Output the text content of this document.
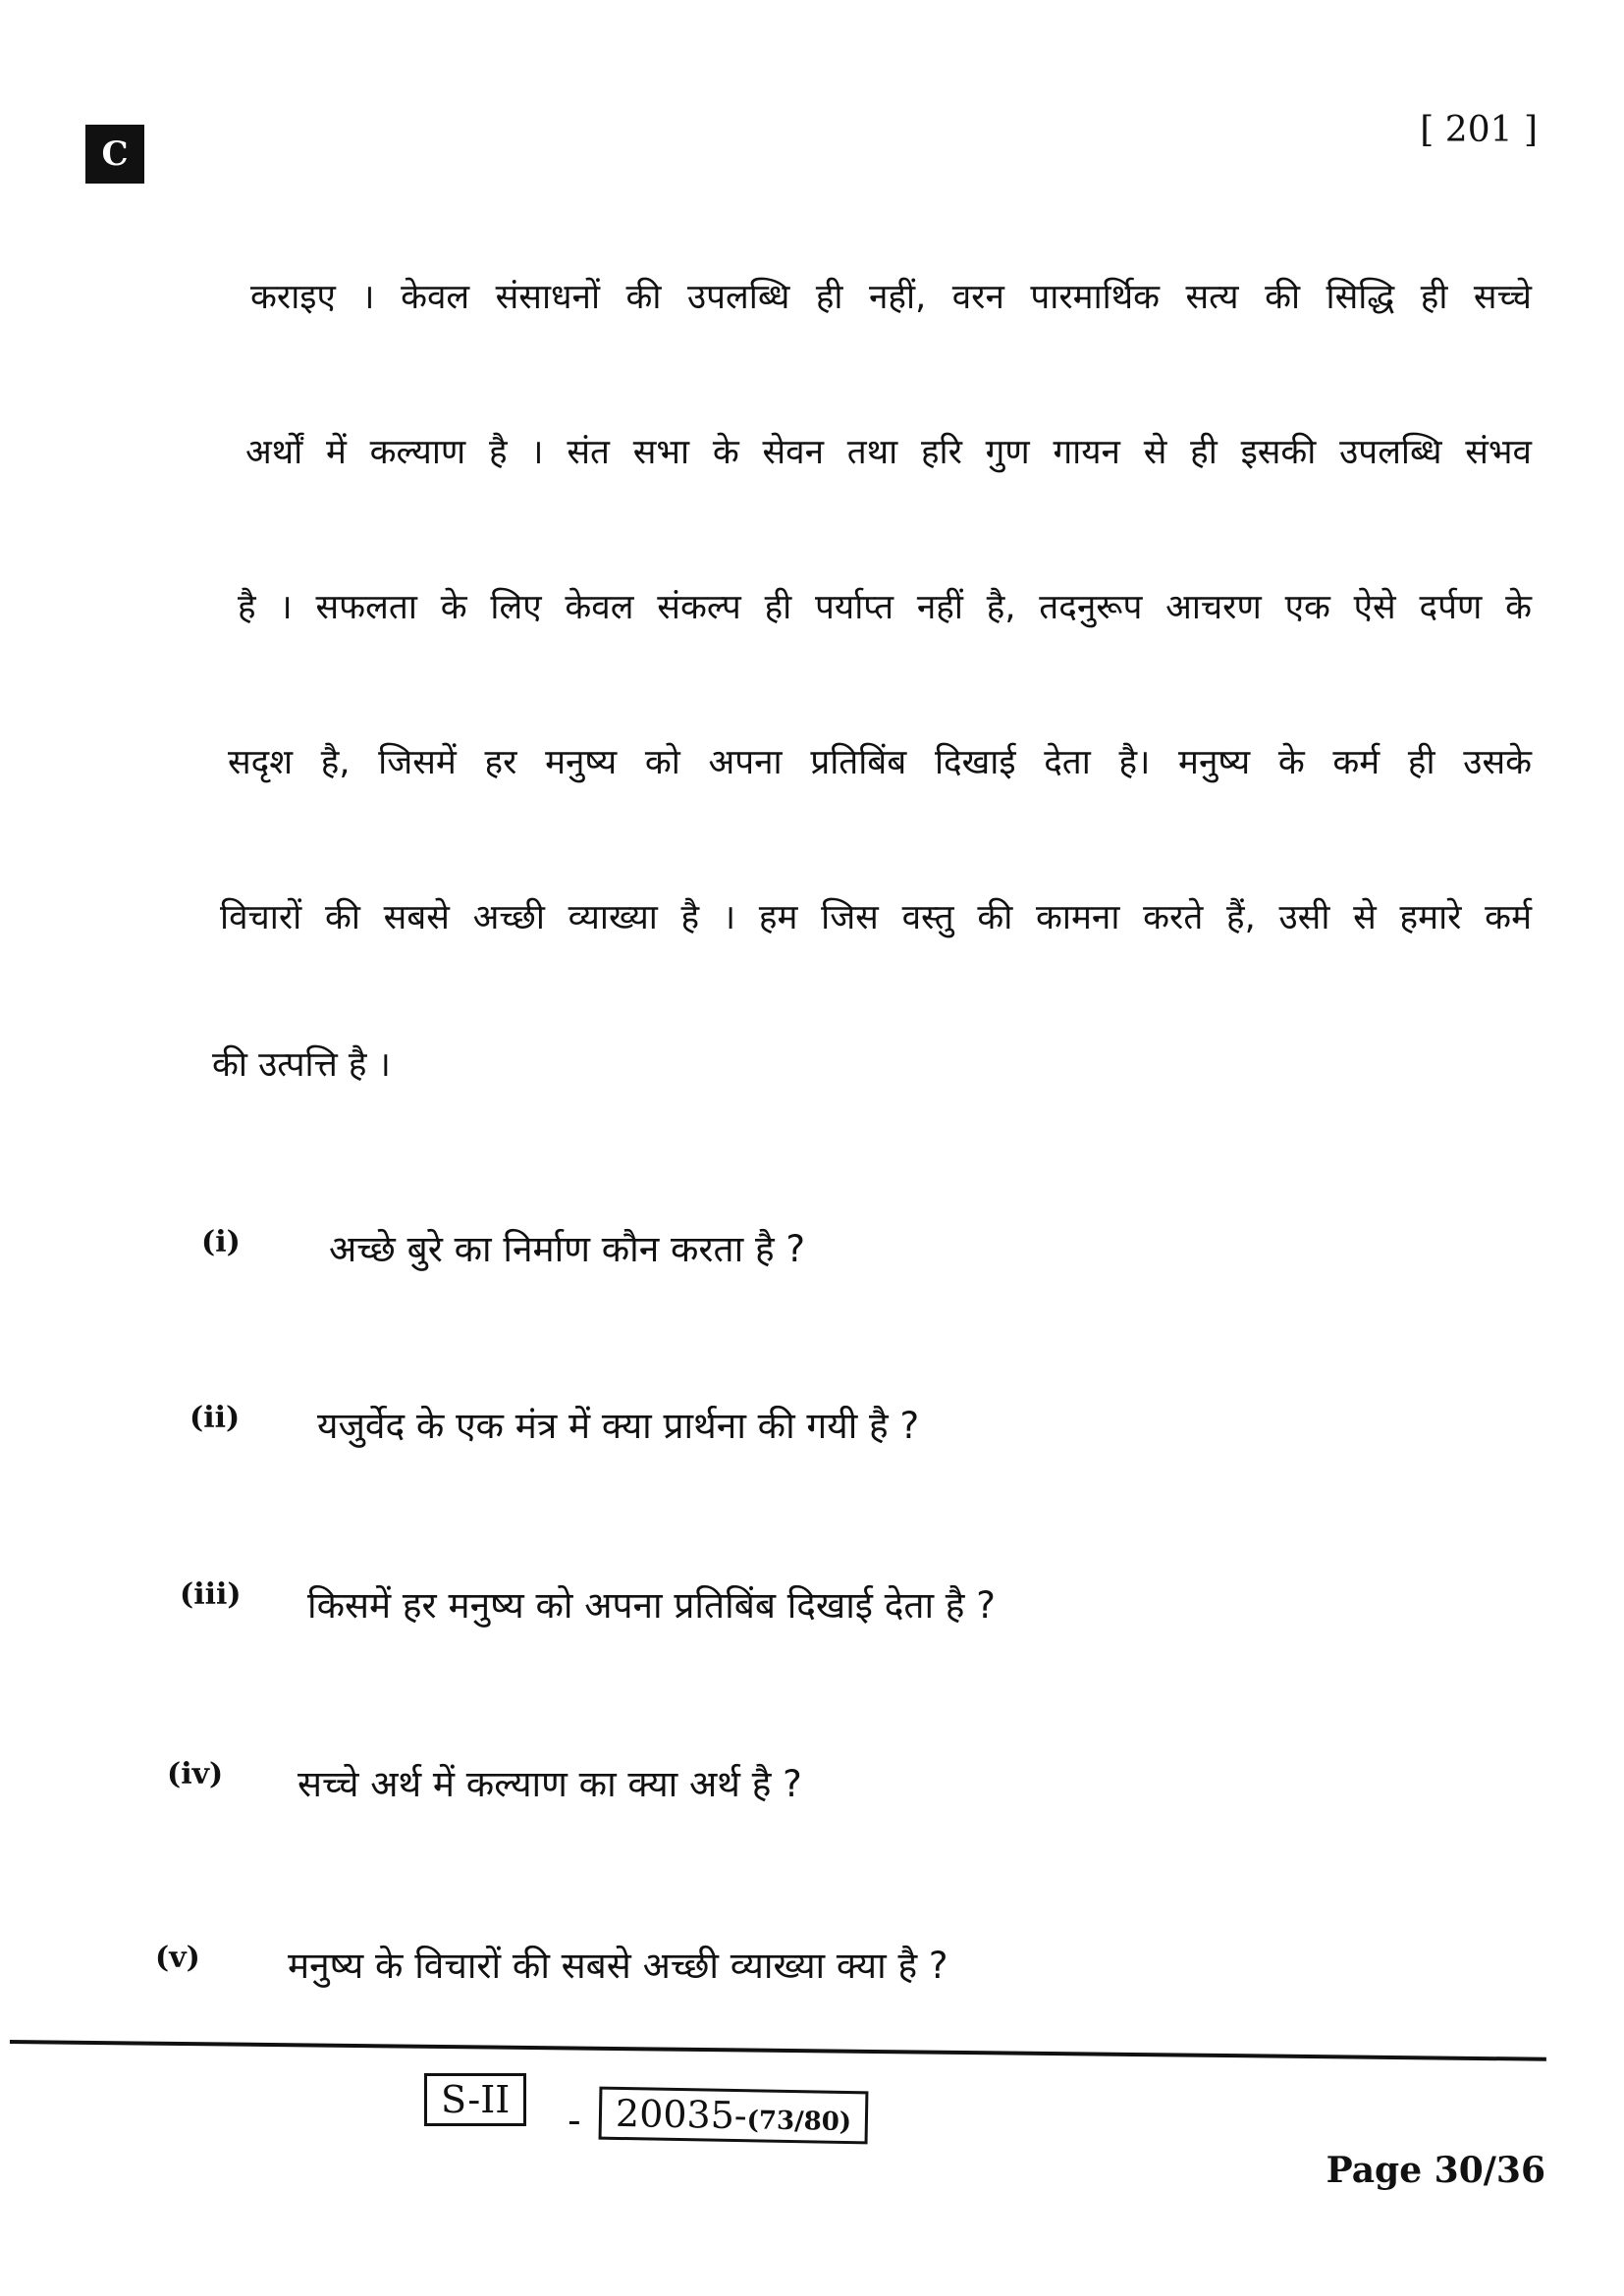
C
[ 201 ]
कराइए । केवल संसाधनों की उपलब्धि ही नहीं, वरन पारमार्थिक सत्य की सिद्धि ही सच्चे
अर्थों में कल्याण है । संत सभा के सेवन तथा हरि गुण गायन से ही इसकी उपलब्धि संभव
है । सफलता के लिए केवल संकल्प ही पर्याप्त नहीं है, तदनुरूप आचरण एक ऐसे दर्पण के
सदृश है, जिसमें हर मनुष्य को अपना प्रतिबिंब दिखाई देता है। मनुष्य के कर्म ही उसके
विचारों की सबसे अच्छी व्याख्या है । हम जिस वस्तु की कामना करते हैं, उसी से हमारे कर्म
की उत्पत्ति है ।
(i) अच्छे बुरे का निर्माण कौन करता है ?
(ii) यजुर्वेद के एक मंत्र में क्या प्रार्थना की गयी है ?
(iii) किसमें हर मनुष्य को अपना प्रतिबिंब दिखाई देता है ?
(iv) सच्चे अर्थ में कल्याण का क्या अर्थ है ?
(v) मनुष्य के विचारों की सबसे अच्छी व्याख्या क्या है ?
S-II	- 20035-(73/80)
Page 30/36
